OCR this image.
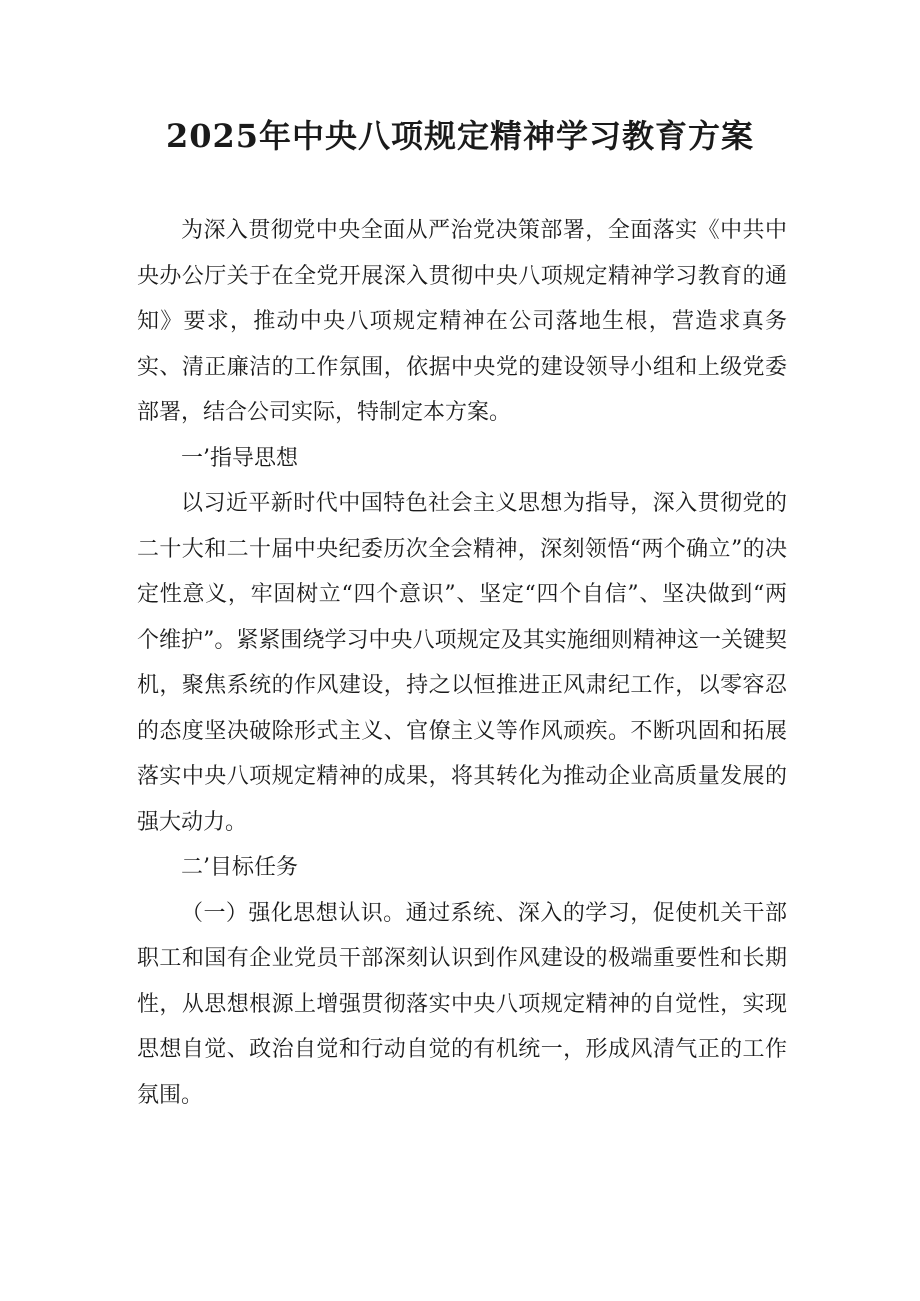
2025年中央八项规定精神学习教育方案

为深入贯彻党中央全面从严治党决策部署，全面落实《中共中央办公厅关于在全党开展深入贯彻中央八项规定精神学习教育的通知》要求，推动中央八项规定精神在公司落地生根，营造求真务实、清正廉洁的工作氛围，依据中央党的建设领导小组和上级党委部署，结合公司实际，特制定本方案。

一’指导思想

以习近平新时代中国特色社会主义思想为指导，深入贯彻党的二十大和二十届中央纪委历次全会精神，深刻领悟“两个确立”的决定性意义，牢固树立“四个意识”、坚定“四个自信”、坚决做到“两个维护”。紧紧围绕学习中央八项规定及其实施细则精神这一关键契机，聚焦系统的作风建设，持之以恒推进正风肃纪工作，以零容忍的态度坚决破除形式主义、官僚主义等作风顽疾。不断巩固和拓展落实中央八项规定精神的成果，将其转化为推动企业高质量发展的强大动力。

二’目标任务

（一）强化思想认识。通过系统、深入的学习，促使机关干部职工和国有企业党员干部深刻认识到作风建设的极端重要性和长期性，从思想根源上增强贯彻落实中央八项规定精神的自觉性，实现思想自觉、政治自觉和行动自觉的有机统一，形成风清气正的工作氛围。
